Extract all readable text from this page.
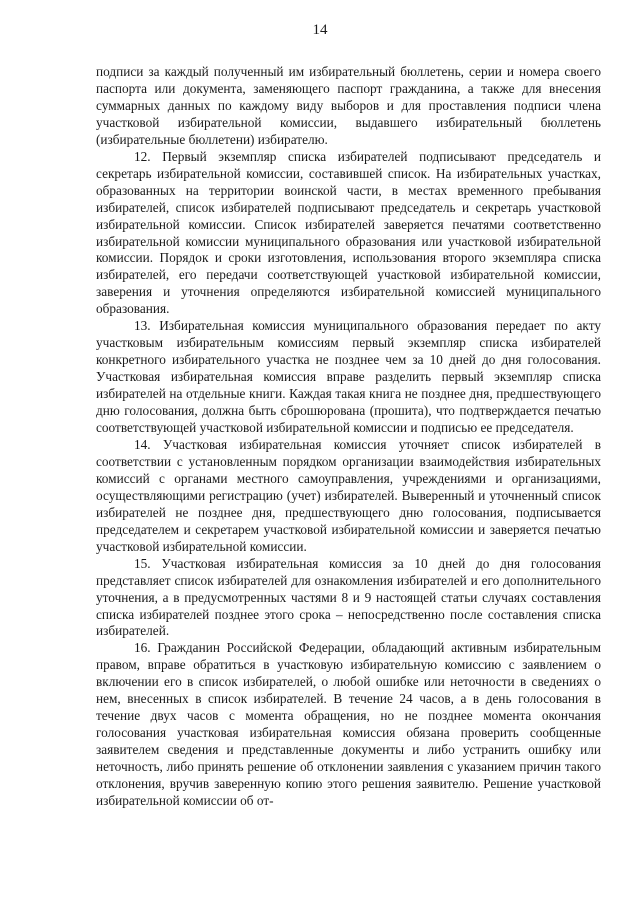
14

подписи за каждый полученный им избирательный бюллетень, серии и номера своего паспорта или документа, заменяющего паспорт гражданина, а также для внесения суммарных данных по каждому виду выборов и для проставления подписи члена участковой избирательной комиссии, выдавшего избирательный бюллетень (избирательные бюллетени) избирателю.

12. Первый экземпляр списка избирателей подписывают председатель и секретарь избирательной комиссии, составившей список. На избирательных участках, образованных на территории воинской части, в местах временного пребывания избирателей, список избирателей подписывают председатель и секретарь участковой избирательной комиссии. Список избирателей заверяется печатями соответственно избирательной комиссии муниципального образования или участковой избирательной комиссии. Порядок и сроки изготовления, использования второго экземпляра списка избирателей, его передачи соответствующей участковой избирательной комиссии, заверения и уточнения определяются избирательной комиссией муниципального образования.

13. Избирательная комиссия муниципального образования передает по акту участковым избирательным комиссиям первый экземпляр списка избирателей конкретного избирательного участка не позднее чем за 10 дней до дня голосования. Участковая избирательная комиссия вправе разделить первый экземпляр списка избирателей на отдельные книги. Каждая такая книга не позднее дня, предшествующего дню голосования, должна быть сброшюрована (прошита), что подтверждается печатью соответствующей участковой избирательной комиссии и подписью ее председателя.

14. Участковая избирательная комиссия уточняет список избирателей в соответствии с установленным порядком организации взаимодействия избирательных комиссий с органами местного самоуправления, учреждениями и организациями, осуществляющими регистрацию (учет) избирателей. Выверенный и уточненный список избирателей не позднее дня, предшествующего дню голосования, подписывается председателем и секретарем участковой избирательной комиссии и заверяется печатью участковой избирательной комиссии.

15. Участковая избирательная комиссия за 10 дней до дня голосования представляет список избирателей для ознакомления избирателей и его дополнительного уточнения, а в предусмотренных частями 8 и 9 настоящей статьи случаях составления списка избирателей позднее этого срока – непосредственно после составления списка избирателей.

16. Гражданин Российской Федерации, обладающий активным избирательным правом, вправе обратиться в участковую избирательную комиссию с заявлением о включении его в список избирателей, о любой ошибке или неточности в сведениях о нем, внесенных в список избирателей. В течение 24 часов, а в день голосования в течение двух часов с момента обращения, но не позднее момента окончания голосования участковая избирательная комиссия обязана проверить сообщенные заявителем сведения и представленные документы и либо устранить ошибку или неточность, либо принять решение об отклонении заявления с указанием причин такого отклонения, вручив заверенную копию этого решения заявителю. Решение участковой избирательной комиссии об от-
